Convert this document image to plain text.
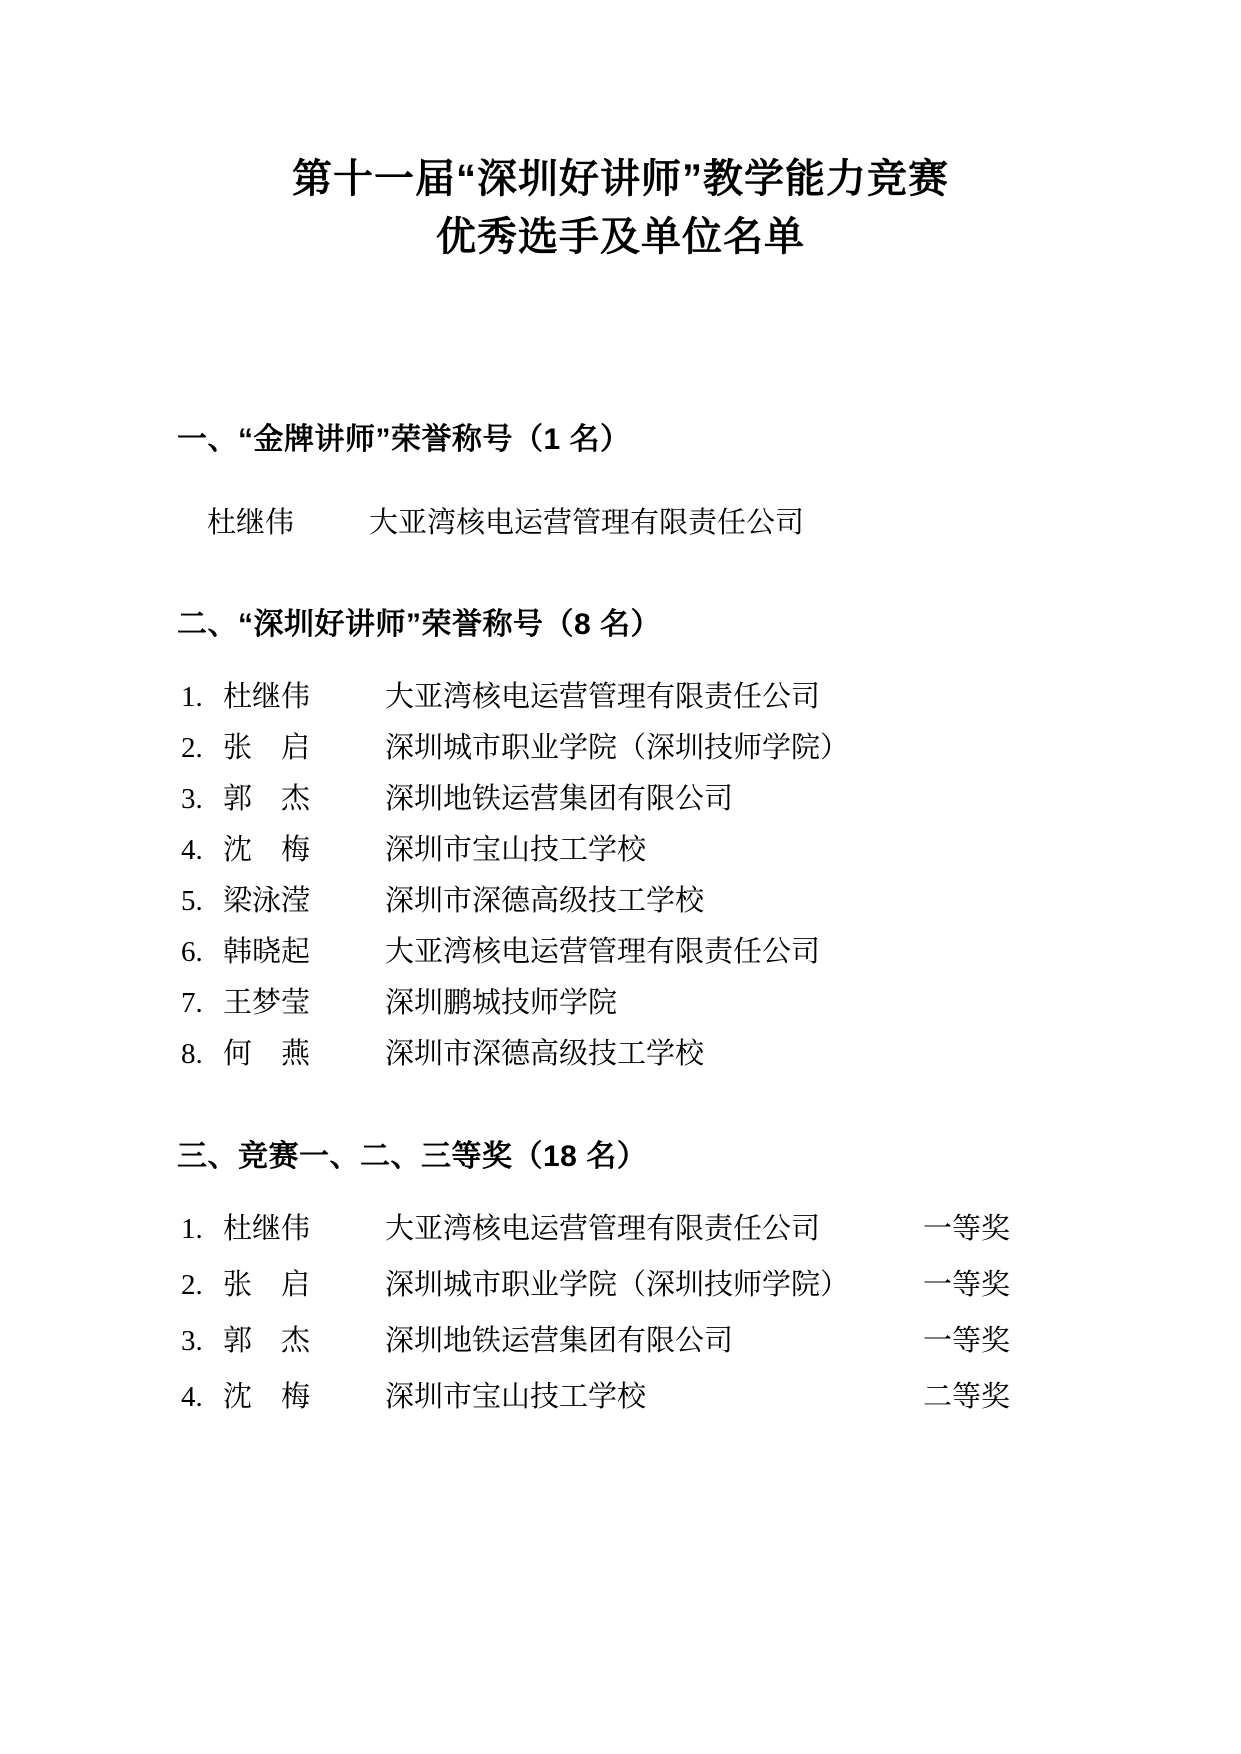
第十一届“深圳好讲师”教学能力竞赛
优秀选手及单位名单
一、“金牌讲师”荣誉称号（1 名）
杜继伟	大亚湾核电运营管理有限责任公司
二、“深圳好讲师”荣誉称号（8 名）
1. 杜继伟	大亚湾核电运营管理有限责任公司
2. 张　启	深圳城市职业学院（深圳技师学院）
3. 郭　杰	深圳地铁运营集团有限公司
4. 沈　梅	深圳市宝山技工学校
5. 梁泳滢	深圳市深德高级技工学校
6. 韩晓起	大亚湾核电运营管理有限责任公司
7. 王梦莹	深圳鹏城技师学院
8. 何　燕	深圳市深德高级技工学校
三、竞赛一、二、三等奖（18 名）
1. 杜继伟	大亚湾核电运营管理有限责任公司	一等奖
2. 张　启	深圳城市职业学院（深圳技师学院）	一等奖
3. 郭　杰	深圳地铁运营集团有限公司	一等奖
4. 沈　梅	深圳市宝山技工学校	二等奖
